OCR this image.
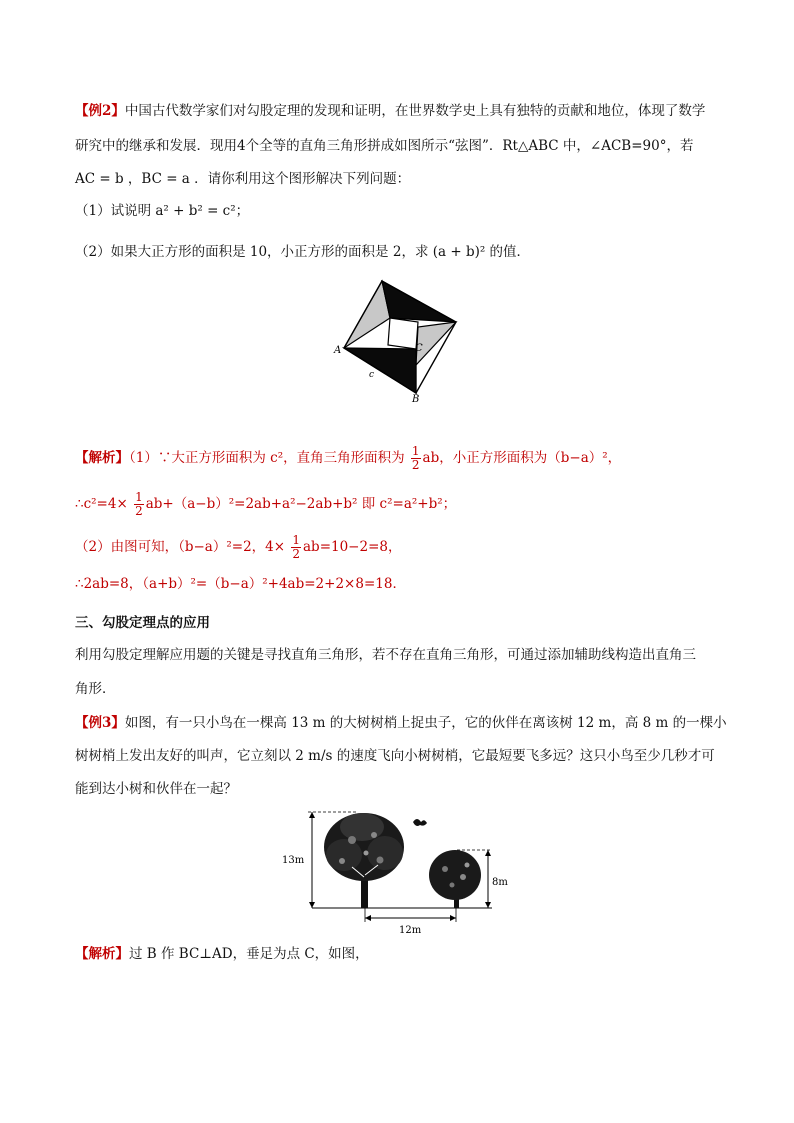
【例2】中国古代数学家们对勾股定理的发现和证明，在世界数学史上具有独特的贡献和地位，体现了数学
研究中的继承和发展．现用4个全等的直角三角形拼成如图所示“弦图”．Rt△ABC 中，∠ACB=90°，若
AC = b ，BC = a ．请你利用这个图形解决下列问题：
（1）试说明 a² + b² = c²；
（2）如果大正方形的面积是 10，小正方形的面积是 2，求 (a + b)² 的值．
A	C
c
B
【解析】（1）∵大正方形面积为 c²，直角三角形面积为 $\frac{1}{2}$ ab，小正方形面积为（b−a）²，
∴c²=4× $\frac{1}{2} ab+(a-b)^2=2ab+a^2-2ab+b^2$ 即 c²=a²+b²；
（2）由图可知，（b−a）²=2，$4\times \frac{1}{2} ab=10-2=8$，
∴2ab=8，（a+b）²=（b−a）²+4ab=2+2×8=18．
三、勾股定理点的应用
利用勾股定理解应用题的关键是寻找直角三角形，若不存在直角三角形，可通过添加辅助线构造出直角三
角形．
【例3】如图，有一只小鸟在一棵高 13 m 的大树树梢上捉虫子，它的伙伴在离该树 12 m，高 8 m 的一棵小
树树梢上发出友好的叫声，它立刻以 2 m/s 的速度飞向小树树梢，它最短要飞多远？这只小鸟至少几秒才可
能到达小树和伙伴在一起？
13m
8m
12m
【解析】过 B 作 BC⊥AD，垂足为点 C，如图，
